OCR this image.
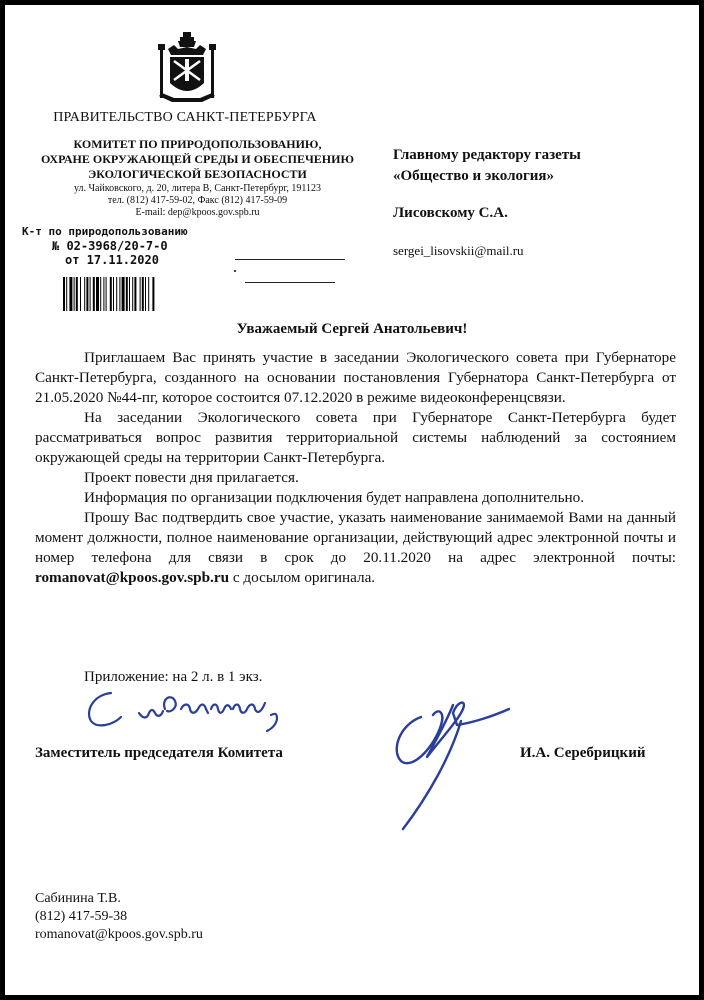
ПРАВИТЕЛЬСТВО САНКТ-ПЕТЕРБУРГА
КОМИТЕТ ПО ПРИРОДОПОЛЬЗОВАНИЮ,
ОХРАНЕ ОКРУЖАЮЩЕЙ СРЕДЫ И ОБЕСПЕЧЕНИЮ
ЭКОЛОГИЧЕСКОЙ БЕЗОПАСНОСТИ
ул. Чайковского, д. 20, литера В, Санкт-Петербург, 191123
тел. (812) 417-59-02, Факс (812) 417-59-09
E-mail: dep@kpoos.gov.spb.ru
К-т по природопользованию
№ 02-3968/20-7-0
от 17.11.2020
Главному редактору газеты
«Общество и экология»
Лисовскому С.А.
sergei_lisovskii@mail.ru
Уважаемый Сергей Анатольевич!

Приглашаем Вас принять участие в заседании Экологического совета при Губернаторе Санкт-Петербурга, созданного на основании постановления Губернатора Санкт-Петербурга от 21.05.2020 №44-пг, которое состоится 07.12.2020 в режиме видеоконференцсвязи.

На заседании Экологического совета при Губернаторе Санкт-Петербурга будет рассматриваться вопрос развития территориальной системы наблюдений за состоянием окружающей среды на территории Санкт-Петербурга.

Проект повести дня прилагается.

Информация по организации подключения будет направлена дополнительно.

Прошу Вас подтвердить свое участие, указать наименование занимаемой Вами на данный момент должности, полное наименование организации, действующий адрес электронной почты и номер телефона для связи в срок до 20.11.2020 на адрес электронной почты: romanovat@kpoos.gov.spb.ru с досылом оригинала.

Приложение: на 2 л. в 1 экз.
Заместитель председателя Комитета	И.А. Серебрицкий
Сабинина Т.В.
(812) 417-59-38
romanovat@kpoos.gov.spb.ru
